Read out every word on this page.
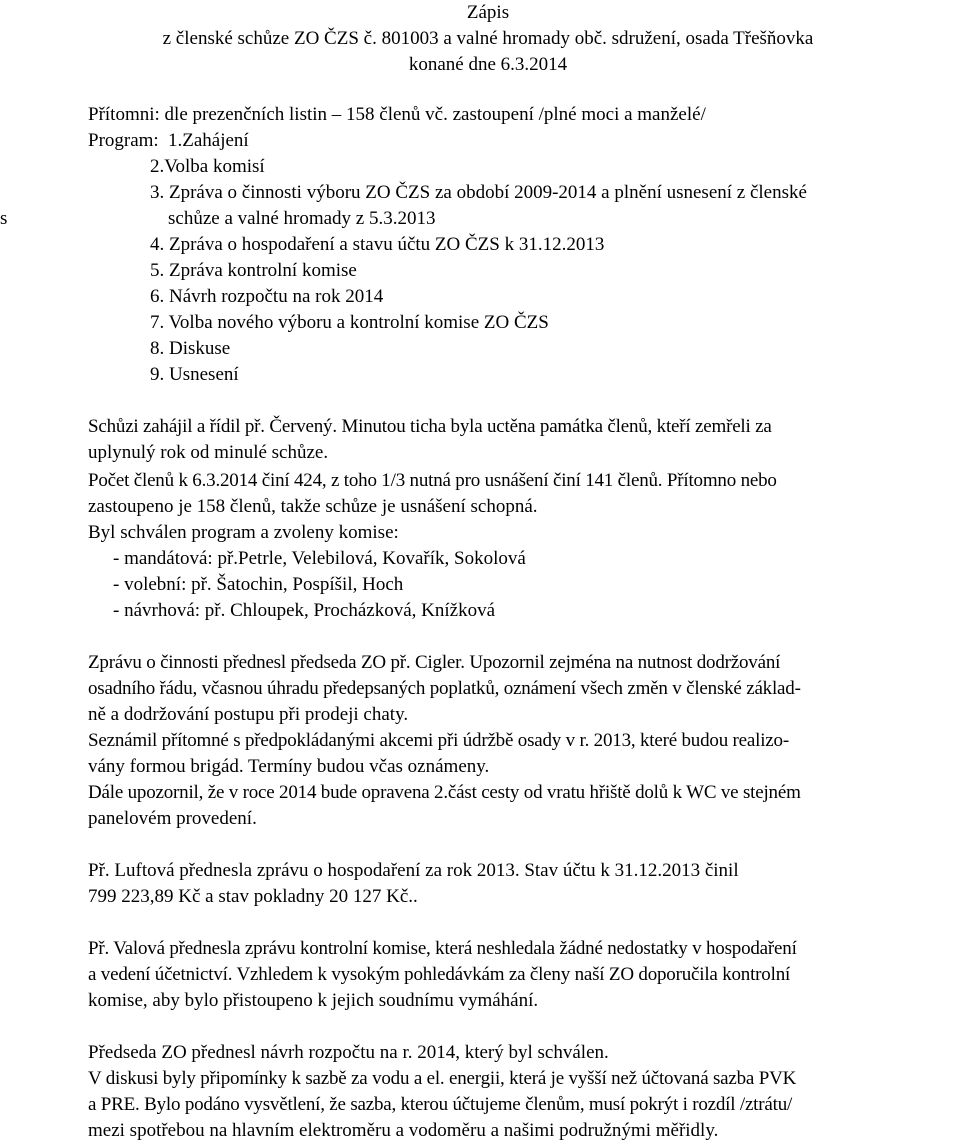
s
Zápis
z členské schůze ZO ČZS č. 801003 a valné hromady obč. sdružení, osada Třešňovka
konané dne 6.3.2014
Přítomni: dle prezenčních listin – 158 členů vč. zastoupení /plné moci a manželé/
Program: 1.Zahájení
2.Volba komisí
3. Zpráva o činnosti výboru ZO ČZS za období 2009-2014 a plnění usnesení z členské
schůze a valné hromady z 5.3.2013
4. Zpráva o hospodaření a stavu účtu ZO ČZS k 31.12.2013
5. Zpráva kontrolní komise
6. Návrh rozpočtu na rok 2014
7. Volba nového výboru a kontrolní komise ZO ČZS
8. Diskuse
9. Usnesení
Schůzi zahájil a řídil př. Červený. Minutou ticha byla uctěna památka členů, kteří zemřeli za
uplynulý rok od minulé schůze.
Počet členů k 6.3.2014 činí 424, z toho 1/3 nutná pro usnášení činí 141 členů. Přítomno nebo
zastoupeno je 158 členů, takže schůze je usnášení schopná.
Byl schválen program a zvoleny komise:
- mandátová: př.Petrle, Velebilová, Kovařík, Sokolová
- volební: př. Šatochin, Pospíšil, Hoch
- návrhová: př. Chloupek, Procházková, Knížková
Zprávu o činnosti přednesl předseda ZO př. Cigler. Upozornil zejména na nutnost dodržování
osadního řádu, včasnou úhradu předepsaných poplatků, oznámení všech změn v členské základ-
ně a dodržování postupu při prodeji chaty.
Seznámil přítomné s předpokládanými akcemi při údržbě osady v r. 2013, které budou realizo-
vány formou brigád. Termíny budou včas oznámeny.
Dále upozornil, že v roce 2014 bude opravena 2.část cesty od vratu hřiště dolů k WC ve stejném
panelovém provedení.
Př. Luftová přednesla zprávu o hospodaření za rok 2013. Stav účtu k 31.12.2013 činil
799 223,89 Kč a stav pokladny 20 127 Kč..
Př. Valová přednesla zprávu kontrolní komise, která neshledala žádné nedostatky v hospodaření
a vedení účetnictví. Vzhledem k vysokým pohledávkám za členy naší ZO doporučila kontrolní
komise, aby bylo přistoupeno k jejich soudnímu vymáhání.
Předseda ZO přednesl návrh rozpočtu na r. 2014, který byl schválen.
V diskusi byly připomínky k sazbě za vodu a el. energii, která je vyšší než účtovaná sazba PVK
a PRE. Bylo podáno vysvětlení, že sazba, kterou účtujeme členům, musí pokrýt i rozdíl /ztrátu/
mezi spotřebou na hlavním elektroměru a vodoměru a našimi podružnými měřidly.
